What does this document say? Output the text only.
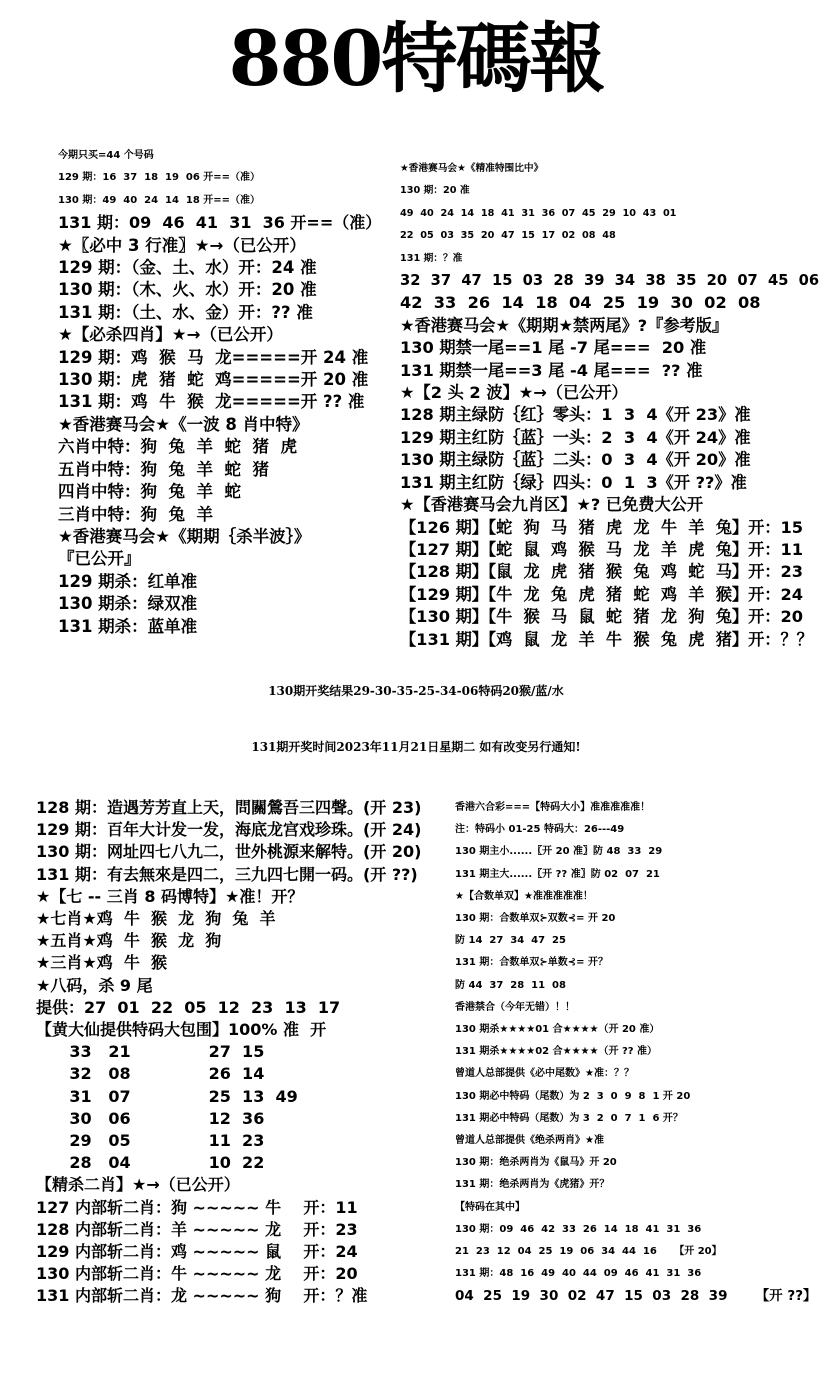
880特碼報
今期只买=44 个号码
129 期：16  37  18  19  06 开==（准）
130 期：49  40  24  14  18 开==（准）
131 期：09  46  41  31  36 开==（准）
★〖必中 3 行准〗★→（已公开）
129 期：（金、土、水）开：24 准
130 期：（木、火、水）开：20 准
131 期：（土、水、金）开：?? 准
★【必杀四肖】★→（已公开）
129 期：鸡  猴  马  龙=====开 24 准
130 期：虎  猪  蛇  鸡=====开 20 准
131 期：鸡  牛  猴  龙=====开 ?? 准
★香港赛马会★《一波 8 肖中特》
六肖中特：狗  兔  羊  蛇  猪  虎
五肖中特：狗  兔  羊  蛇  猪
四肖中特：狗  兔  羊  蛇
三肖中特：狗  兔  羊
★香港赛马会★《期期｛杀半波｝》
『已公开』
129 期杀：红单准
130 期杀：绿双准
131 期杀：蓝单准
★香港赛马会★《精准特围比中》
130 期：20 准
49  40  24  14  18  41  31  36  07  45  29  10  43  01
22  05  03  35  20  47  15  17  02  08  48
131 期：？准
32  37  47  15  03  28  39  34  38  35  20  07  45  06
42  33  26  14  18  04  25  19  30  02  08
★香港赛马会★《期期★禁两尾》?『参考版』
130 期禁一尾==1 尾 -7 尾===  20 准
131 期禁一尾==3 尾 -4 尾===  ?? 准
★【2 头 2 波】★→（已公开）
128 期主绿防｛红｝零头：1  3  4《开 23》准
129 期主红防｛蓝｝一头：2  3  4《开 24》准
130 期主绿防｛蓝｝二头：0  3  4《开 20》准
131 期主红防｛绿｝四头：0  1  3《开 ??》准
★【香港赛马会九肖区】★? 已免费大公开
【126 期】【蛇  狗  马  猪  虎  龙  牛  羊  兔】开：15
【127 期】【蛇  鼠  鸡  猴  马  龙  羊  虎  兔】开：11
【128 期】【鼠  龙  虎  猪  猴  兔  鸡  蛇  马】开：23
【129 期】【牛  龙  兔  虎  猪  蛇  鸡  羊  猴】开：24
【130 期】【牛  猴  马  鼠  蛇  猪  龙  狗  兔】开：20
【131 期】【鸡  鼠  龙  羊  牛  猴  兔  虎  猪】开：？？
130期开奖结果29-30-35-25-34-06特码20猴/蓝/水
131期开奖时间2023年11月21日星期二 如有改变另行通知!
128 期：造遇芳芳直上天，問關鶯吾三四聲。(开 23)
129 期：百年大计发一发，海底龙宫戏珍珠。(开 24)
130 期：网址四七八九二，世外桃源来解特。(开 20)
131 期：有去無來是四二，三九四七開一码。(开 ??)
★【七 -- 三肖 8 码博特】★准！开？
★七肖★鸡  牛  猴  龙  狗  兔  羊
★五肖★鸡  牛  猴  龙  狗
★三肖★鸡  牛  猴
★八码，杀 9 尾
提供：27  01  22  05  12  23  13  17
【黄大仙提供特码大包围】100% 准  开
33   21              27  15
32   08              26  14
31   07              25  13  49
30   06              12  36
29   05              11  23
28   04              10  22
【精杀二肖】★→（已公开）
127 内部斩二肖：狗 ~~~~~ 牛    开：11
128 内部斩二肖：羊 ~~~~~ 龙    开：23
129 内部斩二肖：鸡 ~~~~~ 鼠    开：24
130 内部斩二肖：牛 ~~~~~ 龙    开：20
131 内部斩二肖：龙 ~~~~~ 狗    开：？准
香港六合彩===【特码大小】准准准准准！
注：特码小 01-25 特码大：26---49
130 期主小......〖开 20 准〗防 48  33  29
131 期主大......〖开 ?? 准〗防 02  07  21
★【合数单双】★准准准准准！
130 期：合数单双⊱双数⊰= 开 20
防 14  27  34  47  25
131 期：合数单双⊱单数⊰= 开？
防 44  37  28  11  08
香港禁合（今年无错）！！
130 期杀★★★★01 合★★★★（开 20 准）
131 期杀★★★★02 合★★★★（开 ?? 准）
曾道人总部提供《必中尾数》★准：？？
130 期必中特码（尾数）为 2  3  0  9  8  1 开 20
131 期必中特码（尾数）为 3  2  0  7  1  6 开？
曾道人总部提供《绝杀两肖》★准
130 期：绝杀两肖为《鼠马》开 20
131 期：绝杀两肖为《虎猪》开？
【特码在其中】
130 期：09  46  42  33  26  14  18  41  31  36
21  23  12  04  25  19  06  34  44  16     【开 20】
131 期：48  16  49  40  44  09  46  41  31  36
04  25  19  30  02  47  15  03  28  39      【开 ??】
